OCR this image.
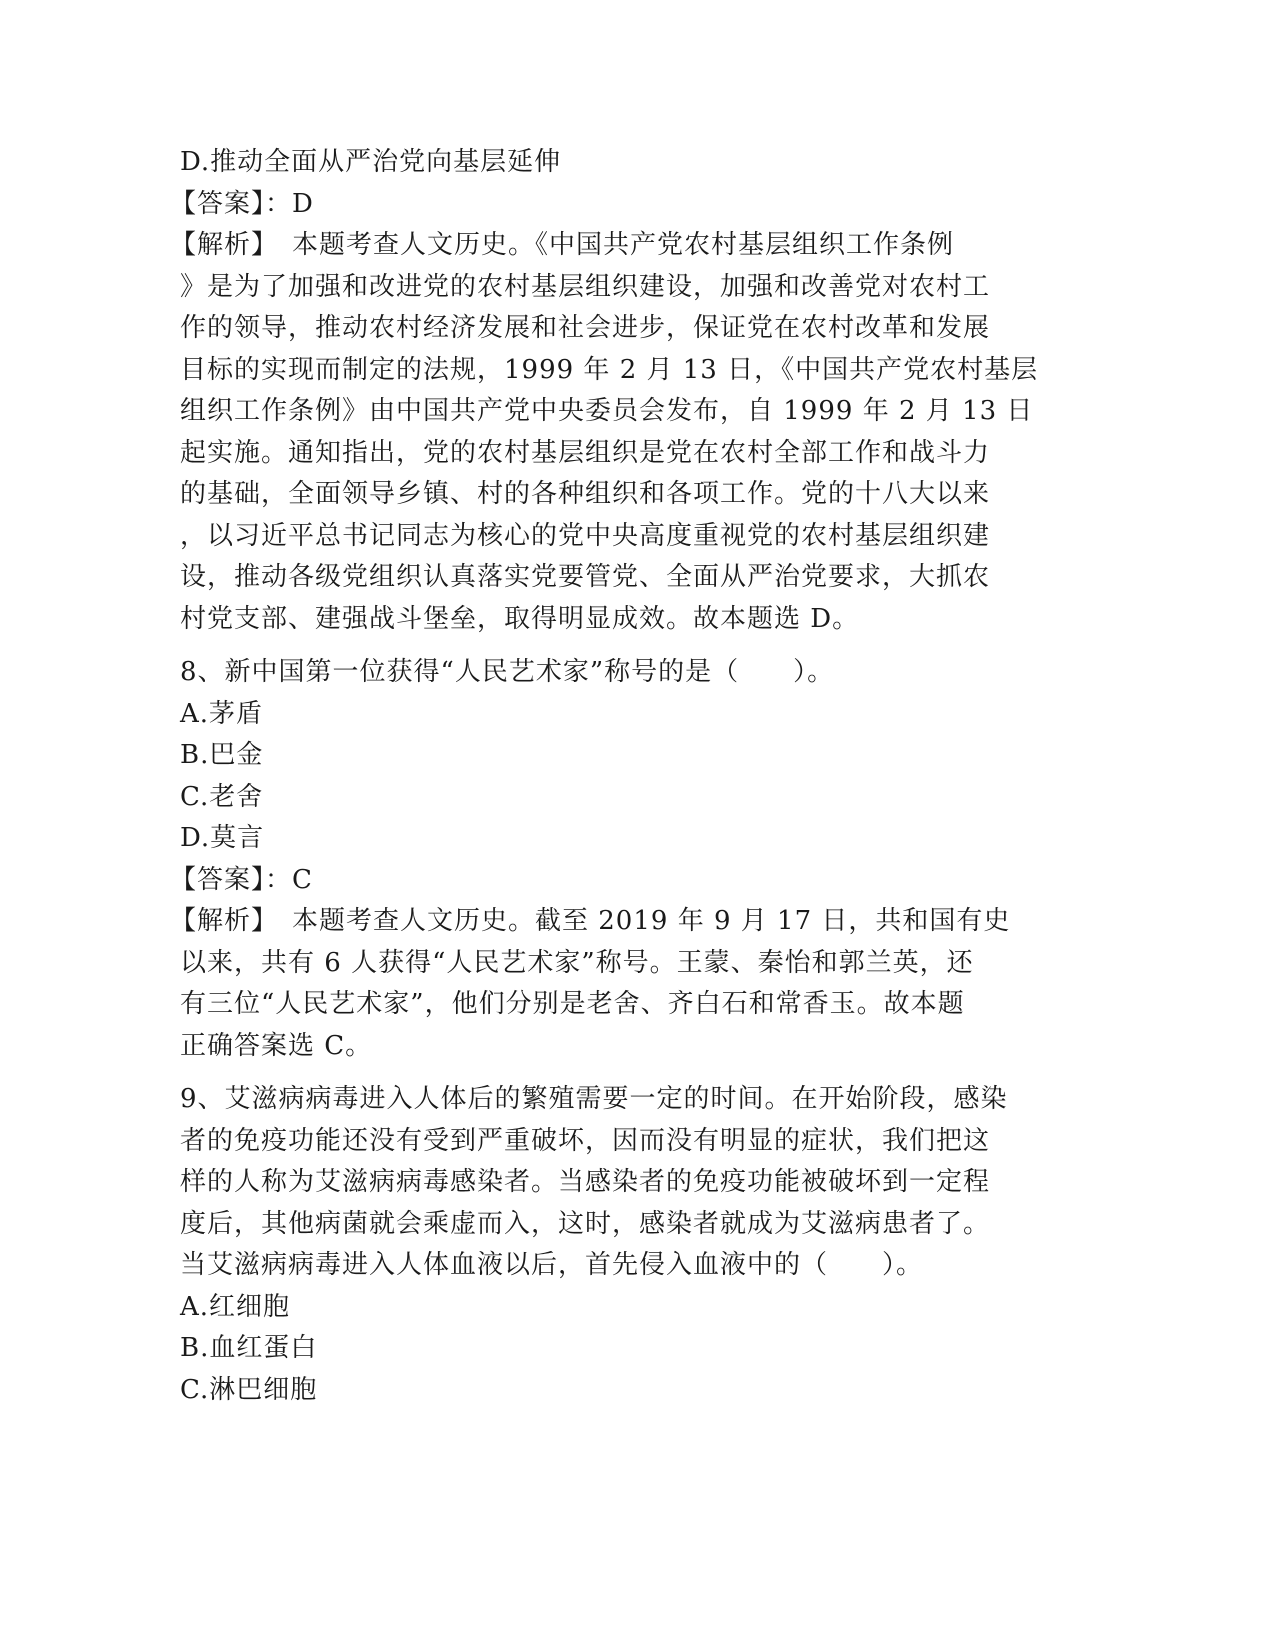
D.推动全面从严治党向基层延伸
【答案】：D
【解析】　本题考查人文历史。《中国共产党农村基层组织工作条例
》是为了加强和改进党的农村基层组织建设，加强和改善党对农村工
作的领导，推动农村经济发展和社会进步，保证党在农村改革和发展
目标的实现而制定的法规，1999 年 2 月 13 日，《中国共产党农村基层
组织工作条例》由中国共产党中央委员会发布，自 1999 年 2 月 13 日
起实施。通知指出，党的农村基层组织是党在农村全部工作和战斗力
的基础，全面领导乡镇、村的各种组织和各项工作。党的十八大以来
，以习近平总书记同志为核心的党中央高度重视党的农村基层组织建
设，推动各级党组织认真落实党要管党、全面从严治党要求，大抓农
村党支部、建强战斗堡垒，取得明显成效。故本题选 D。
8、新中国第一位获得“人民艺术家”称号的是（　　）。
A.茅盾
B.巴金
C.老舍
D.莫言
【答案】：C
【解析】　本题考查人文历史。截至 2019 年 9 月 17 日，共和国有史
以来，共有 6 人获得“人民艺术家”称号。王蒙、秦怡和郭兰英，还
有三位“人民艺术家”，他们分别是老舍、齐白石和常香玉。故本题
正确答案选 C。
9、艾滋病病毒进入人体后的繁殖需要一定的时间。在开始阶段，感染
者的免疫功能还没有受到严重破坏，因而没有明显的症状，我们把这
样的人称为艾滋病病毒感染者。当感染者的免疫功能被破坏到一定程
度后，其他病菌就会乘虚而入，这时，感染者就成为艾滋病患者了。
当艾滋病病毒进入人体血液以后，首先侵入血液中的（　　）。
A.红细胞
B.血红蛋白
C.淋巴细胞
